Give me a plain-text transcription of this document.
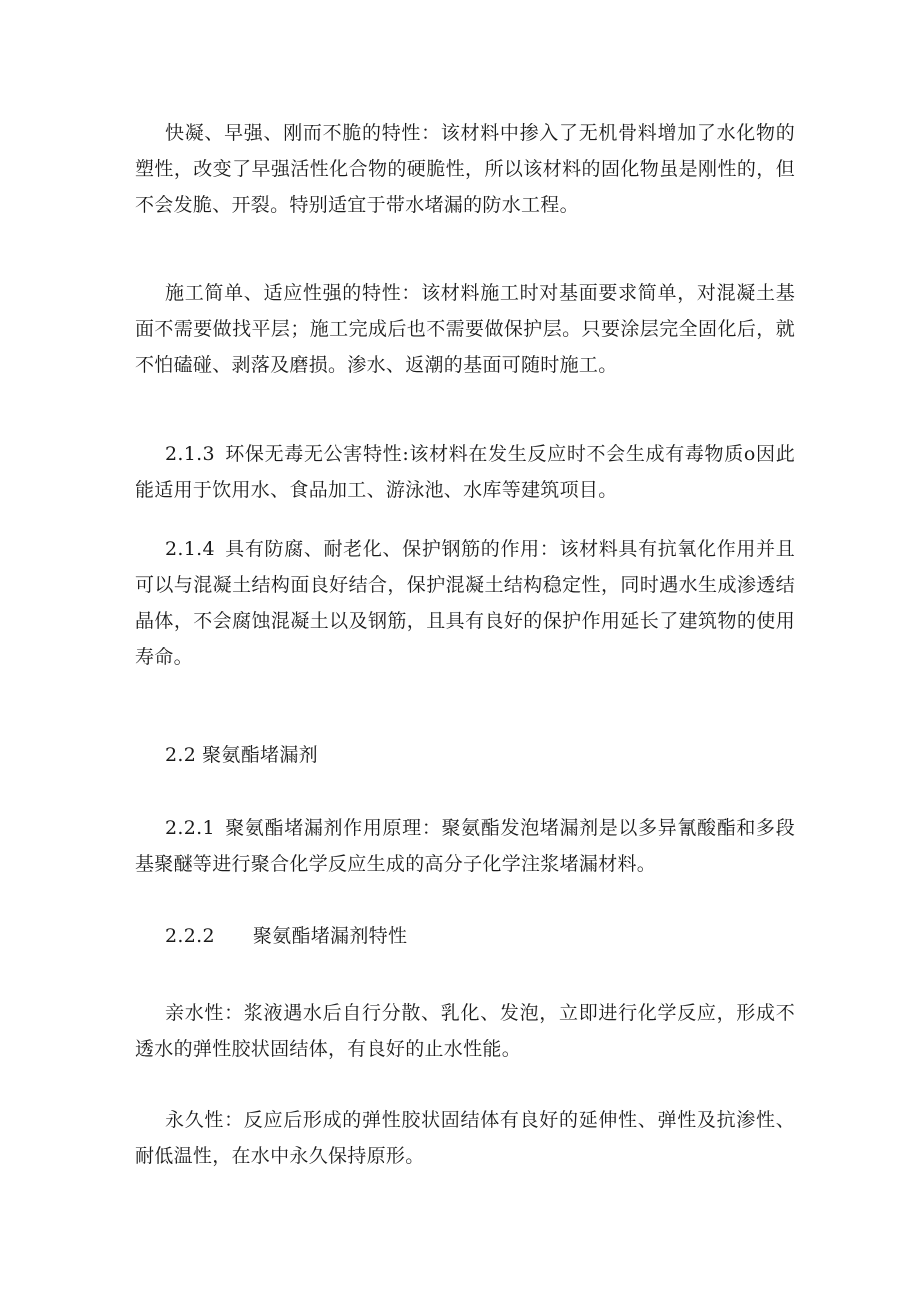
快凝、早强、刚而不脆的特性：该材料中掺入了无机骨料增加了水化物的塑性，改变了早强活性化合物的硬脆性，所以该材料的固化物虽是刚性的，但不会发脆、开裂。特别适宜于带水堵漏的防水工程。

施工简单、适应性强的特性：该材料施工时对基面要求简单，对混凝土基面不需要做找平层；施工完成后也不需要做保护层。只要涂层完全固化后，就不怕磕碰、剥落及磨损。渗水、返潮的基面可随时施工。

2.1.3 环保无毒无公害特性:该材料在发生反应时不会生成有毒物质o因此能适用于饮用水、食品加工、游泳池、水库等建筑项目。

2.1.4 具有防腐、耐老化、保护钢筋的作用：该材料具有抗氧化作用并且可以与混凝土结构面良好结合，保护混凝土结构稳定性，同时遇水生成渗透结晶体，不会腐蚀混凝土以及钢筋，且具有良好的保护作用延长了建筑物的使用寿命。

2.2 聚氨酯堵漏剂

2.2.1 聚氨酯堵漏剂作用原理：聚氨酯发泡堵漏剂是以多异氰酸酯和多段基聚醚等进行聚合化学反应生成的高分子化学注浆堵漏材料。

2.2.2 聚氨酯堵漏剂特性

亲水性：浆液遇水后自行分散、乳化、发泡，立即进行化学反应，形成不透水的弹性胶状固结体，有良好的止水性能。

永久性：反应后形成的弹性胶状固结体有良好的延伸性、弹性及抗渗性、耐低温性，在水中永久保持原形。
